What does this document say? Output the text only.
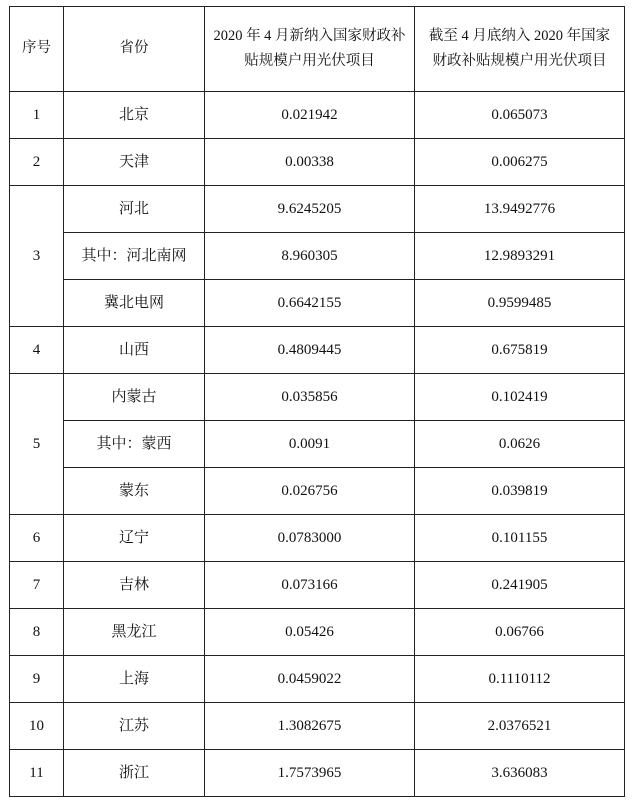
序号	省份	2020 年 4 月新纳入国家财政补贴规模户用光伏项目	截至 4 月底纳入 2020 年国家财政补贴规模户用光伏项目
1	北京	0.021942	0.065073
2	天津	0.00338	0.006275
3	河北	9.6245205	13.9492776
	其中：河北南网	8.960305	12.9893291
	冀北电网	0.6642155	0.9599485
4	山西	0.4809445	0.675819
5	内蒙古	0.035856	0.102419
	其中：蒙西	0.0091	0.0626
	蒙东	0.026756	0.039819
6	辽宁	0.0783000	0.101155
7	吉林	0.073166	0.241905
8	黑龙江	0.05426	0.06766
9	上海	0.0459022	0.1110112
10	江苏	1.3082675	2.0376521
11	浙江	1.7573965	3.636083
